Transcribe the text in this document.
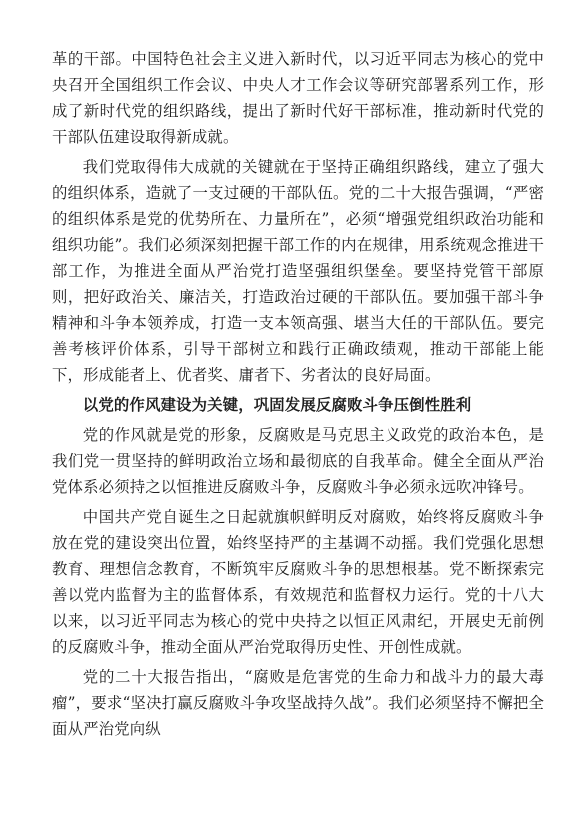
革的干部。中国特色社会主义进入新时代，以习近平同志为核心的党中央召开全国组织工作会议、中央人才工作会议等研究部署系列工作，形成了新时代党的组织路线，提出了新时代好干部标准，推动新时代党的干部队伍建设取得新成就。

我们党取得伟大成就的关键就在于坚持正确组织路线，建立了强大的组织体系，造就了一支过硬的干部队伍。党的二十大报告强调，“严密的组织体系是党的优势所在、力量所在”，必须“增强党组织政治功能和组织功能”。我们必须深刻把握干部工作的内在规律，用系统观念推进干部工作，为推进全面从严治党打造坚强组织堡垒。要坚持党管干部原则，把好政治关、廉洁关，打造政治过硬的干部队伍。要加强干部斗争精神和斗争本领养成，打造一支本领高强、堪当大任的干部队伍。要完善考核评价体系，引导干部树立和践行正确政绩观，推动干部能上能下，形成能者上、优者奖、庸者下、劣者汰的良好局面。

以党的作风建设为关键，巩固发展反腐败斗争压倒性胜利

党的作风就是党的形象，反腐败是马克思主义政党的政治本色，是我们党一贯坚持的鲜明政治立场和最彻底的自我革命。健全全面从严治党体系必须持之以恒推进反腐败斗争，反腐败斗争必须永远吹冲锋号。

中国共产党自诞生之日起就旗帜鲜明反对腐败，始终将反腐败斗争放在党的建设突出位置，始终坚持严的主基调不动摇。我们党强化思想教育、理想信念教育，不断筑牢反腐败斗争的思想根基。党不断探索完善以党内监督为主的监督体系，有效规范和监督权力运行。党的十八大以来，以习近平同志为核心的党中央持之以恒正风肃纪，开展史无前例的反腐败斗争，推动全面从严治党取得历史性、开创性成就。

党的二十大报告指出，“腐败是危害党的生命力和战斗力的最大毒瘤”，要求“坚决打赢反腐败斗争攻坚战持久战”。我们必须坚持不懈把全面从严治党向纵
